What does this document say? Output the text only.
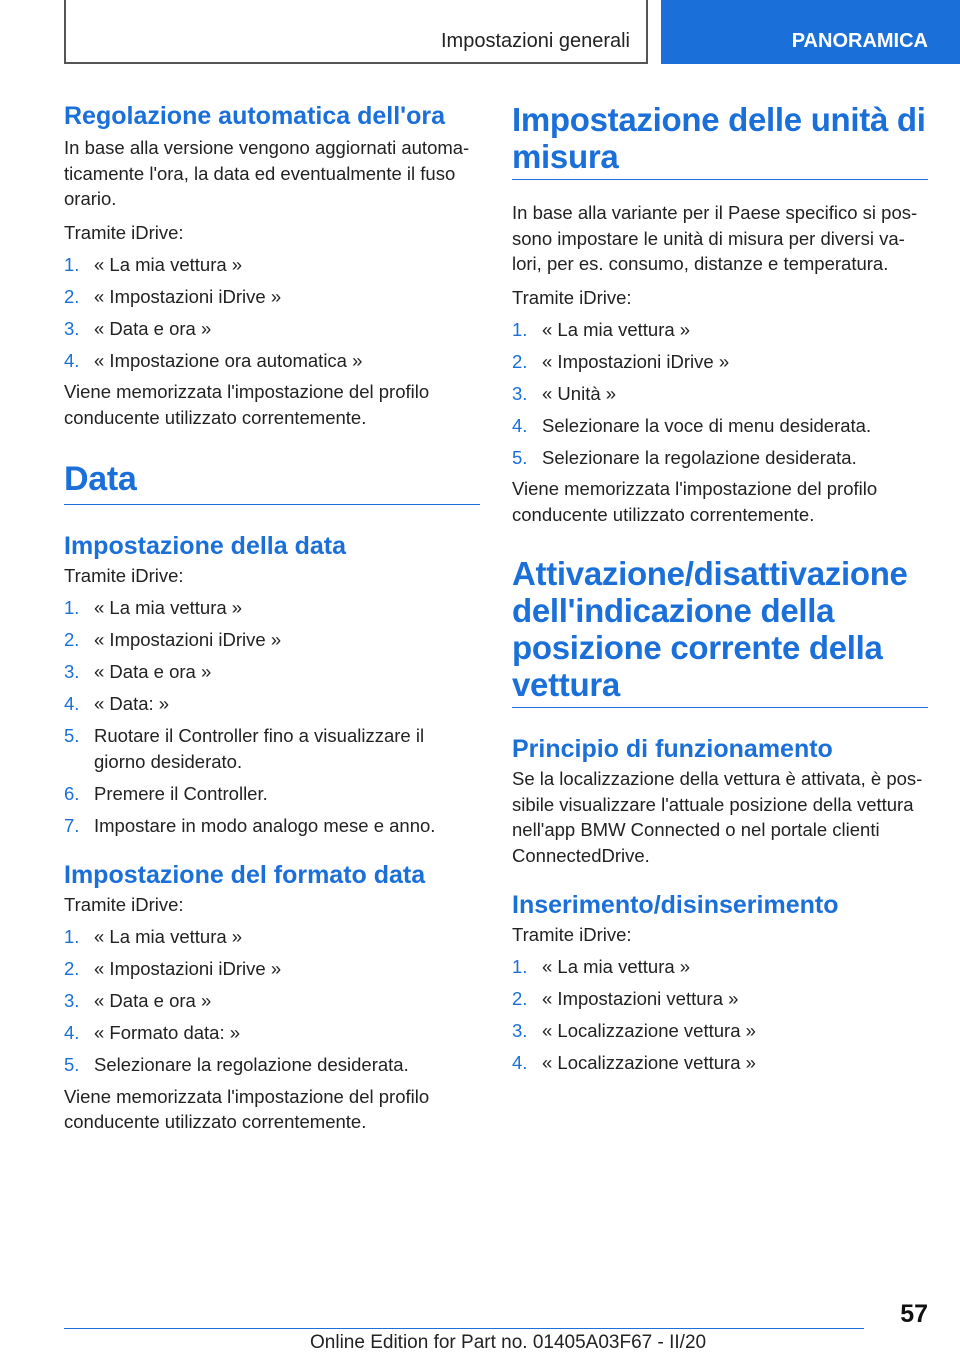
Impostazioni generali	PANORAMICA
Regolazione automatica dell'ora

In base alla versione vengono aggiornati automa-ticamente l'ora, la data ed eventualmente il fuso orario.

Tramite iDrive:

1. « La mia vettura »
2. « Impostazioni iDrive »
3. « Data e ora »
4. « Impostazione ora automatica »

Viene memorizzata l'impostazione del profilo conducente utilizzato correntemente.

Data
Impostazione della data

Tramite iDrive:

1. « La mia vettura »
2. « Impostazioni iDrive »
3. « Data e ora »
4. « Data: »
5. Ruotare il Controller fino a visualizzare il giorno desiderato.
6. Premere il Controller.
7. Impostare in modo analogo mese e anno.
Impostazione del formato data

Tramite iDrive:

1. « La mia vettura »
2. « Impostazioni iDrive »
3. « Data e ora »
4. « Formato data: »
5. Selezionare la regolazione desiderata.

Viene memorizzata l'impostazione del profilo conducente utilizzato correntemente.

Impostazione delle unità di misura

In base alla variante per il Paese specifico si pos-sono impostare le unità di misura per diversi va-lori, per es. consumo, distanze e temperatura.

Tramite iDrive:

1. « La mia vettura »
2. « Impostazioni iDrive »
3. « Unità »
4. Selezionare la voce di menu desiderata.
5. Selezionare la regolazione desiderata.

Viene memorizzata l'impostazione del profilo conducente utilizzato correntemente.

Attivazione/disattivazione dell'indicazione della posizione corrente della vettura
Principio di funzionamento

Se la localizzazione della vettura è attivata, è pos-sibile visualizzare l'attuale posizione della vettura nell'app BMW Connected o nel portale clienti ConnectedDrive.

Inserimento/disinserimento

Tramite iDrive:

1. « La mia vettura »
2. « Impostazioni vettura »
3. « Localizzazione vettura »
4. « Localizzazione vettura »
57
Online Edition for Part no. 01405A03F67 - II/20
